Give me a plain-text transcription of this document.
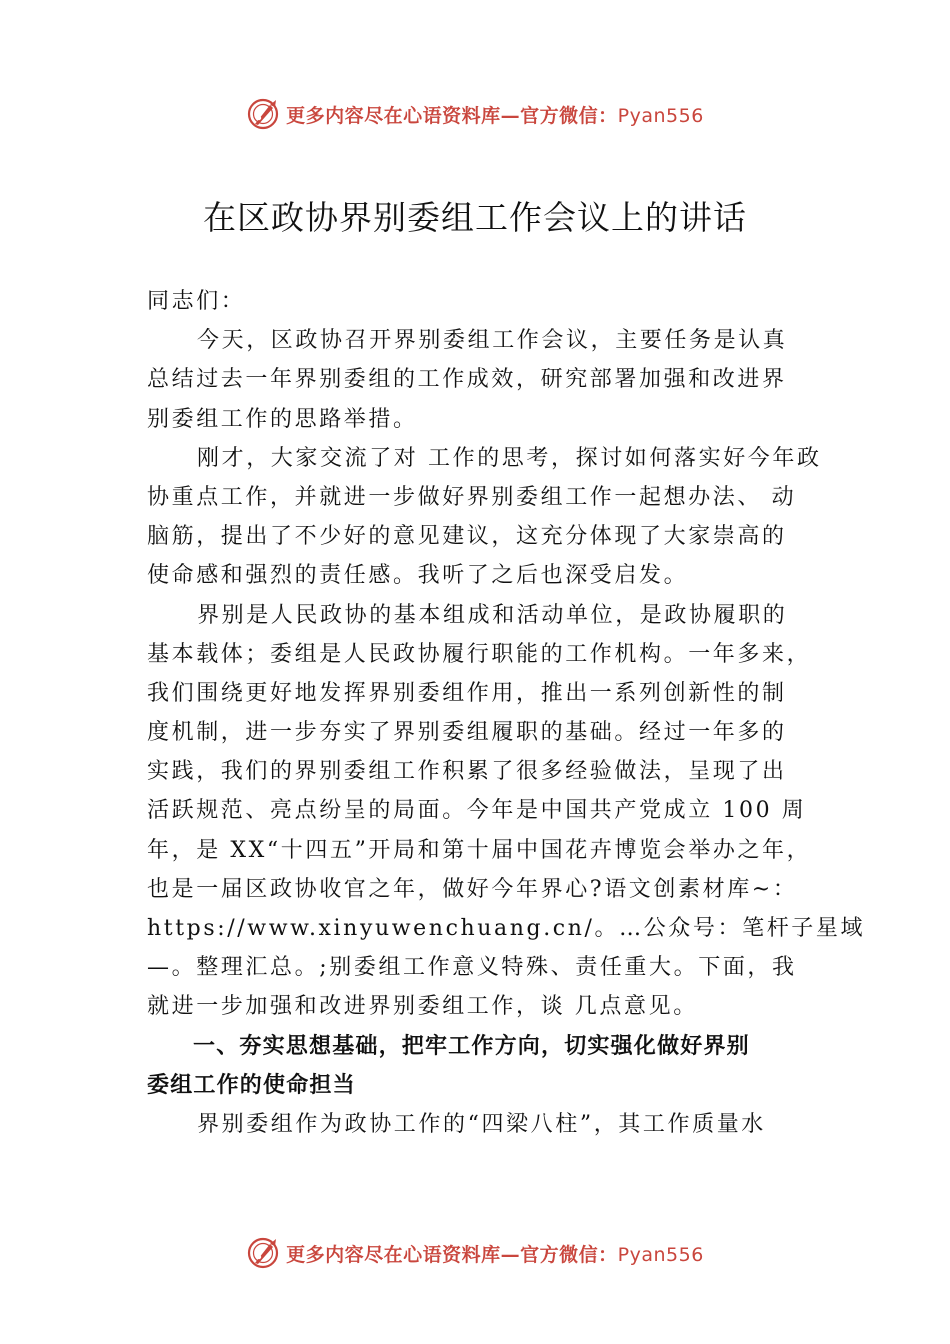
更多内容尽在心语资料库—官方微信：Pyan556
在区政协界别委组工作会议上的讲话
同志们：
今天，区政协召开界别委组工作会议，主要任务是认真
总结过去一年界别委组的工作成效，研究部署加强和改进界
别委组工作的思路举措。
刚才，大家交流了对 工作的思考，探讨如何落实好今年政
协重点工作，并就进一步做好界别委组工作一起想办法、 动
脑筋，提出了不少好的意见建议，这充分体现了大家崇高的
使命感和强烈的责任感。我听了之后也深受启发。
界别是人民政协的基本组成和活动单位，是政协履职的
基本载体；委组是人民政协履行职能的工作机构。一年多来，
我们围绕更好地发挥界别委组作用，推出一系列创新性的制
度机制，进一步夯实了界别委组履职的基础。经过一年多的
实践，我们的界别委组工作积累了很多经验做法，呈现了出
活跃规范、亮点纷呈的局面。今年是中国共产党成立 100 周
年，是 XX“十四五”开局和第十届中国花卉博览会举办之年，
也是一届区政协收官之年，做好今年界心?语文创素材库~：
https://www.xinyuwenchuang.cn/。…公众号：笔杆子星域
—。整理汇总。;别委组工作意义特殊、责任重大。下面，我
就进一步加强和改进界别委组工作，谈 几点意见。
一、夯实思想基础，把牢工作方向，切实强化做好界别
委组工作的使命担当
界别委组作为政协工作的“四梁八柱”，其工作质量水
更多内容尽在心语资料库—官方微信：Pyan556
